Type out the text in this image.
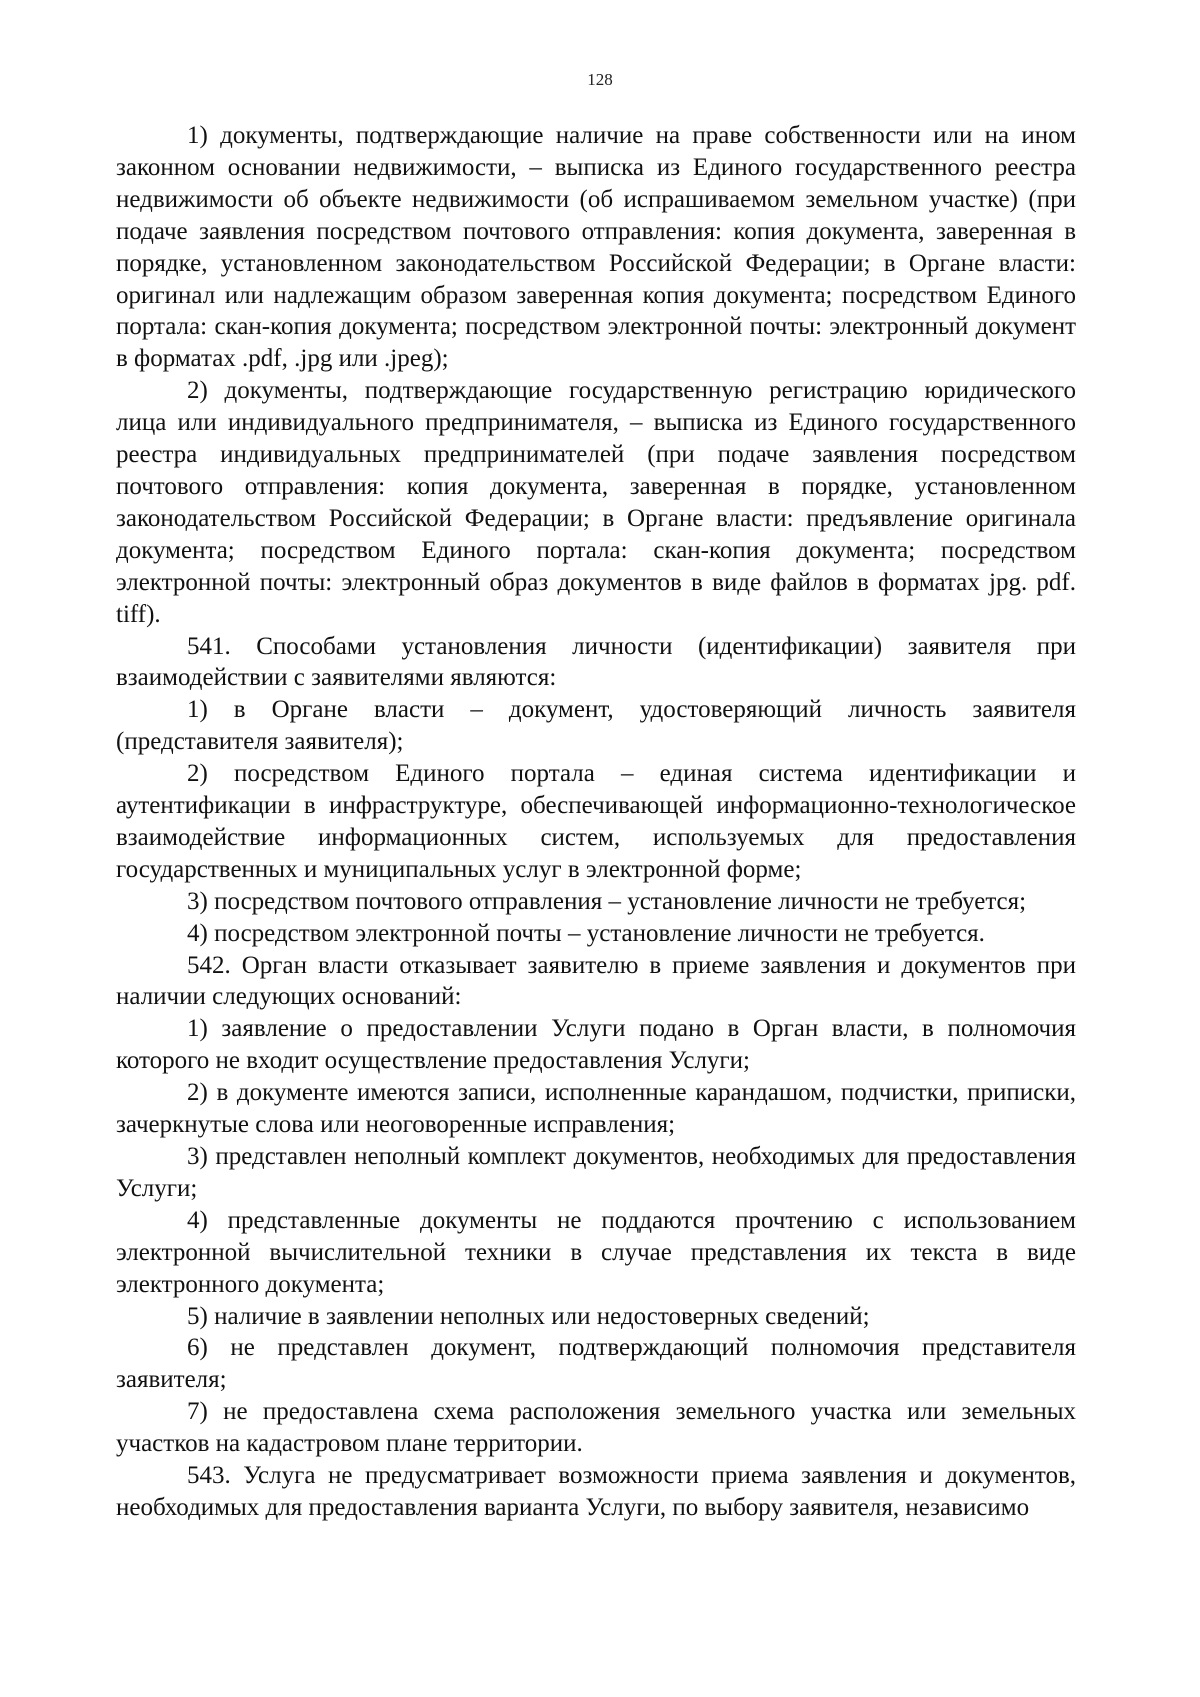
128

1) документы, подтверждающие наличие на праве собственности или на ином законном основании недвижимости, – выписка из Единого государственного реестра недвижимости об объекте недвижимости (об испрашиваемом земельном участке) (при подаче заявления посредством почтового отправления: копия документа, заверенная в порядке, установленном законодательством Российской Федерации; в Органе власти: оригинал или надлежащим образом заверенная копия документа; посредством Единого портала: скан-копия документа; посредством электронной почты: электронный документ в форматах .pdf, .jpg или .jpeg);

2) документы, подтверждающие государственную регистрацию юридического лица или индивидуального предпринимателя, – выписка из Единого государственного реестра индивидуальных предпринимателей (при подаче заявления посредством почтового отправления: копия документа, заверенная в порядке, установленном законодательством Российской Федерации; в Органе власти: предъявление оригинала документа; посредством Единого портала: скан-копия документа; посредством электронной почты: электронный образ документов в виде файлов в форматах jpg. pdf. tiff).

541. Способами установления личности (идентификации) заявителя при взаимодействии с заявителями являются:

1) в Органе власти – документ, удостоверяющий личность заявителя (представителя заявителя);

2) посредством Единого портала – единая система идентификации и аутентификации в инфраструктуре, обеспечивающей информационно-технологическое взаимодействие информационных систем, используемых для предоставления государственных и муниципальных услуг в электронной форме;

3) посредством почтового отправления – установление личности не требуется;

4) посредством электронной почты – установление личности не требуется.

542. Орган власти отказывает заявителю в приеме заявления и документов при наличии следующих оснований:

1) заявление о предоставлении Услуги подано в Орган власти, в полномочия которого не входит осуществление предоставления Услуги;

2) в документе имеются записи, исполненные карандашом, подчистки, приписки, зачеркнутые слова или неоговоренные исправления;

3) представлен неполный комплект документов, необходимых для предоставления Услуги;

4) представленные документы не поддаются прочтению с использованием электронной вычислительной техники в случае представления их текста в виде электронного документа;

5) наличие в заявлении неполных или недостоверных сведений;

6) не представлен документ, подтверждающий полномочия представителя заявителя;

7) не предоставлена схема расположения земельного участка или земельных участков на кадастровом плане территории.

543. Услуга не предусматривает возможности приема заявления и документов, необходимых для предоставления варианта Услуги, по выбору заявителя, независимо
